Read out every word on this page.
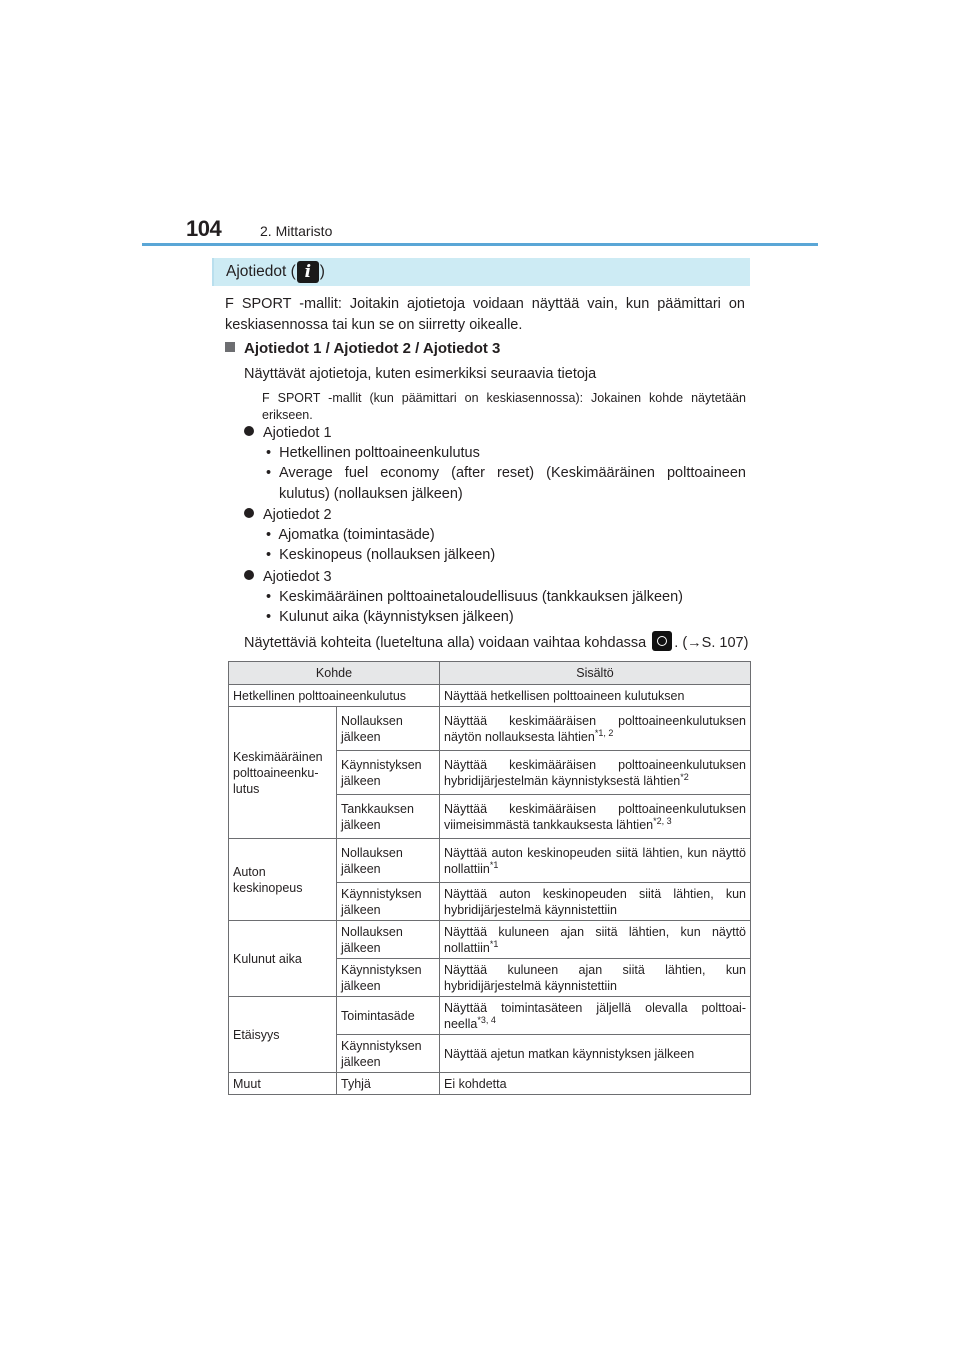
104	2. Mittaristo
Ajotiedot ( i )
F SPORT -mallit: Joitakin ajotietoja voidaan näyttää vain, kun päämittari on keskiasennossa tai kun se on siirretty oikealle.
Ajotiedot 1 / Ajotiedot 2 / Ajotiedot 3
Näyttävät ajotietoja, kuten esimerkiksi seuraavia tietoja
F SPORT -mallit (kun päämittari on keskiasennossa): Jokainen kohde näytetään erikseen.
Ajotiedot 1
•  Hetkellinen polttoaineenkulutus
• Average fuel economy (after reset) (Keskimääräinen polttoaineen kulutus) (nollauksen jälkeen)
Ajotiedot 2
•  Ajomatka (toimintasäde)
•  Keskinopeus (nollauksen jälkeen)
Ajotiedot 3
•  Keskimääräinen polttoainetaloudellisuus (tankkauksen jälkeen)
•  Kulunut aika (käynnistyksen jälkeen)
Näytettäviä kohteita (lueteltuna alla) voidaan vaihtaa kohdassa . (→S. 107)
Kohde		Sisältö
Hetkellinen polttoaineenkulutus		Näyttää hetkellisen polttoaineen kulutuksen
Keskimääräinen polttoaineenku-lutus	Nollauksen jälkeen	Näyttää keskimääräisen polttoaineenkulutuksen näytön nollauksesta lähtien$^{*1, 2}$
	Käynnistyksen jälkeen	Näyttää keskimääräisen polttoaineenkulutuksen hybridijärjestelmän käynnistyksestä lähtien$^{*2}$
	Tankkauksen jälkeen	Näyttää keskimääräisen polttoaineenkulutuksen viimeisimmästä tankkauksesta lähtien$^{*2, 3}$
Auton keskinopeus	Nollauksen jälkeen	Näyttää auton keskinopeuden siitä lähtien, kun näyttö nollattiin$^{*1}$
	Käynnistyksen jälkeen	Näyttää auton keskinopeuden siitä lähtien, kun hybridijärjestelmä käynnistettiin
Kulunut aika	Nollauksen jälkeen	Näyttää kuluneen ajan siitä lähtien, kun näyttö nollattiin$^{*1}$
	Käynnistyksen jälkeen	Näyttää kuluneen ajan siitä lähtien, kun hybridijärjestelmä käynnistettiin
Etäisyys	Toimintasäde	Näyttää toimintasäteen jäljellä olevalla polttoai-neella$^{*3, 4}$
	Käynnistyksen jälkeen	Näyttää ajetun matkan käynnistyksen jälkeen
Muut	Tyhjä	Ei kohdetta
